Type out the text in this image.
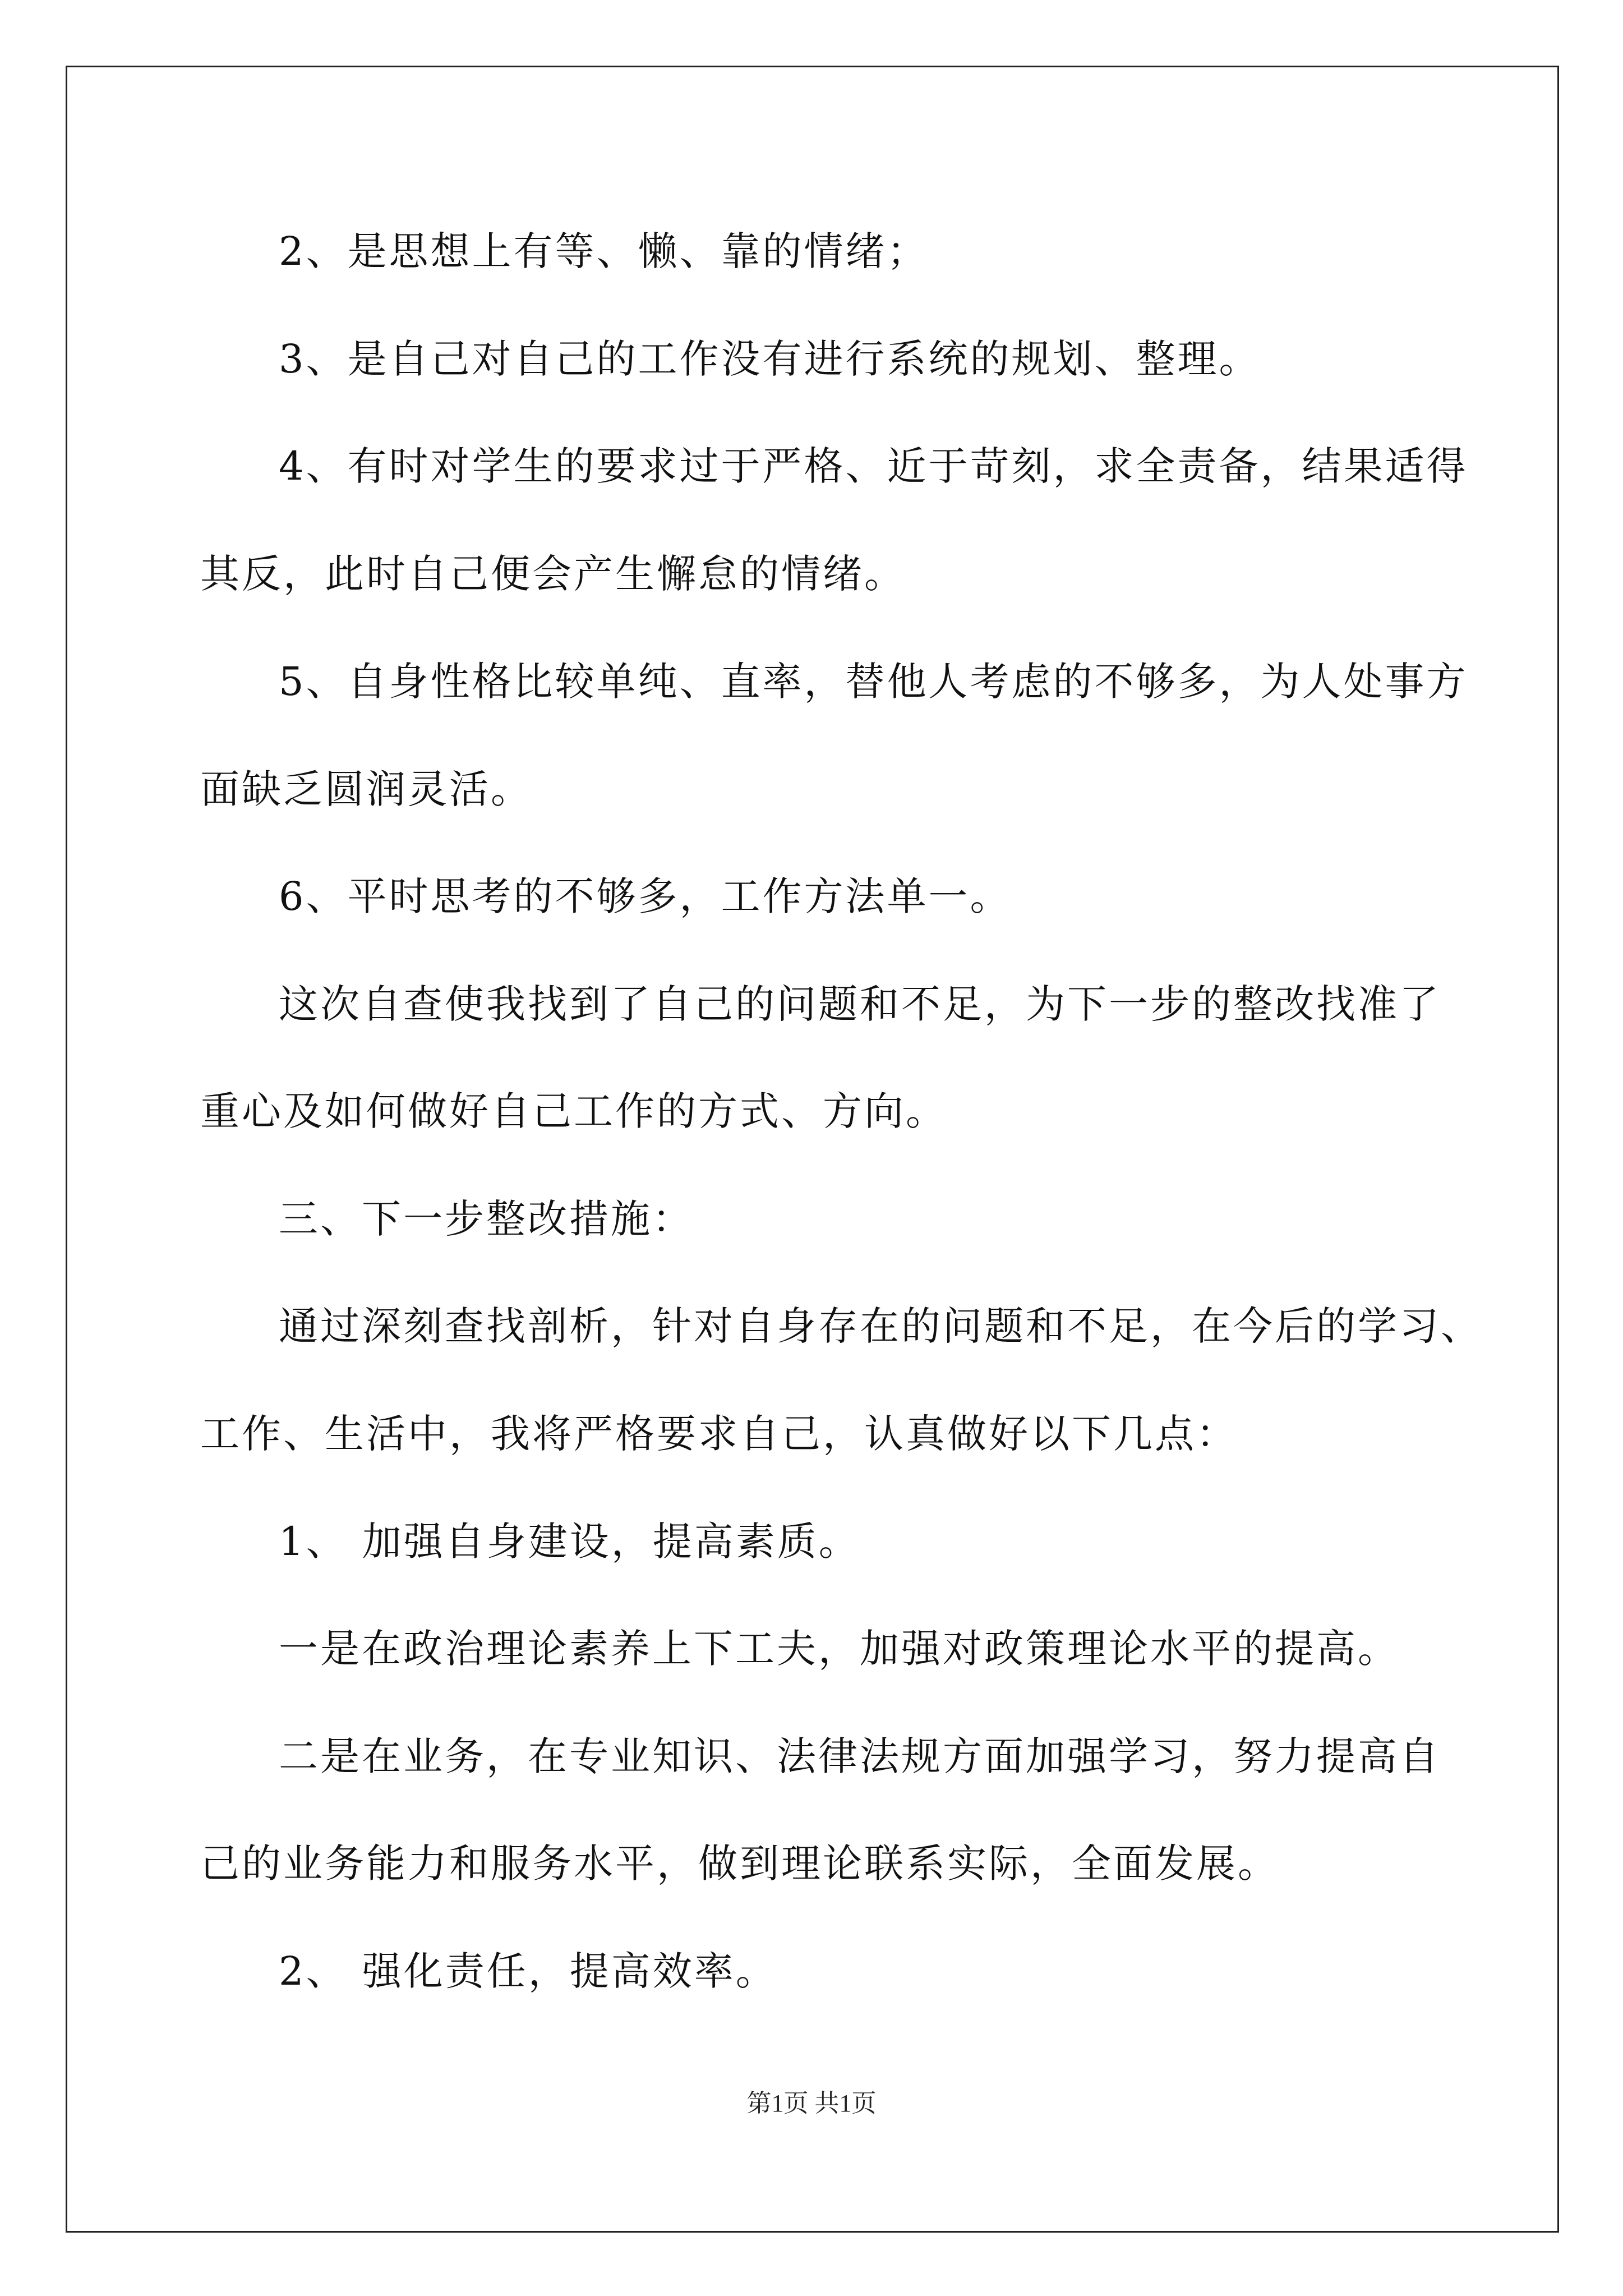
2、是思想上有等、懒、靠的情绪；

3、是自己对自己的工作没有进行系统的规划、整理。

4、有时对学生的要求过于严格、近于苛刻，求全责备，结果适得

其反，此时自己便会产生懈怠的情绪。

5、自身性格比较单纯、直率，替他人考虑的不够多，为人处事方

面缺乏圆润灵活。

6、平时思考的不够多，工作方法单一。

这次自查使我找到了自己的问题和不足，为下一步的整改找准了

重心及如何做好自己工作的方式、方向。

三、下一步整改措施：

通过深刻查找剖析，针对自身存在的问题和不足，在今后的学习、

工作、生活中，我将严格要求自己，认真做好以下几点：

1、 加强自身建设，提高素质。

一是在政治理论素养上下工夫，加强对政策理论水平的提高。

二是在业务，在专业知识、法律法规方面加强学习，努力提高自

己的业务能力和服务水平，做到理论联系实际，全面发展。

2、 强化责任，提高效率。

第1页 共1页
